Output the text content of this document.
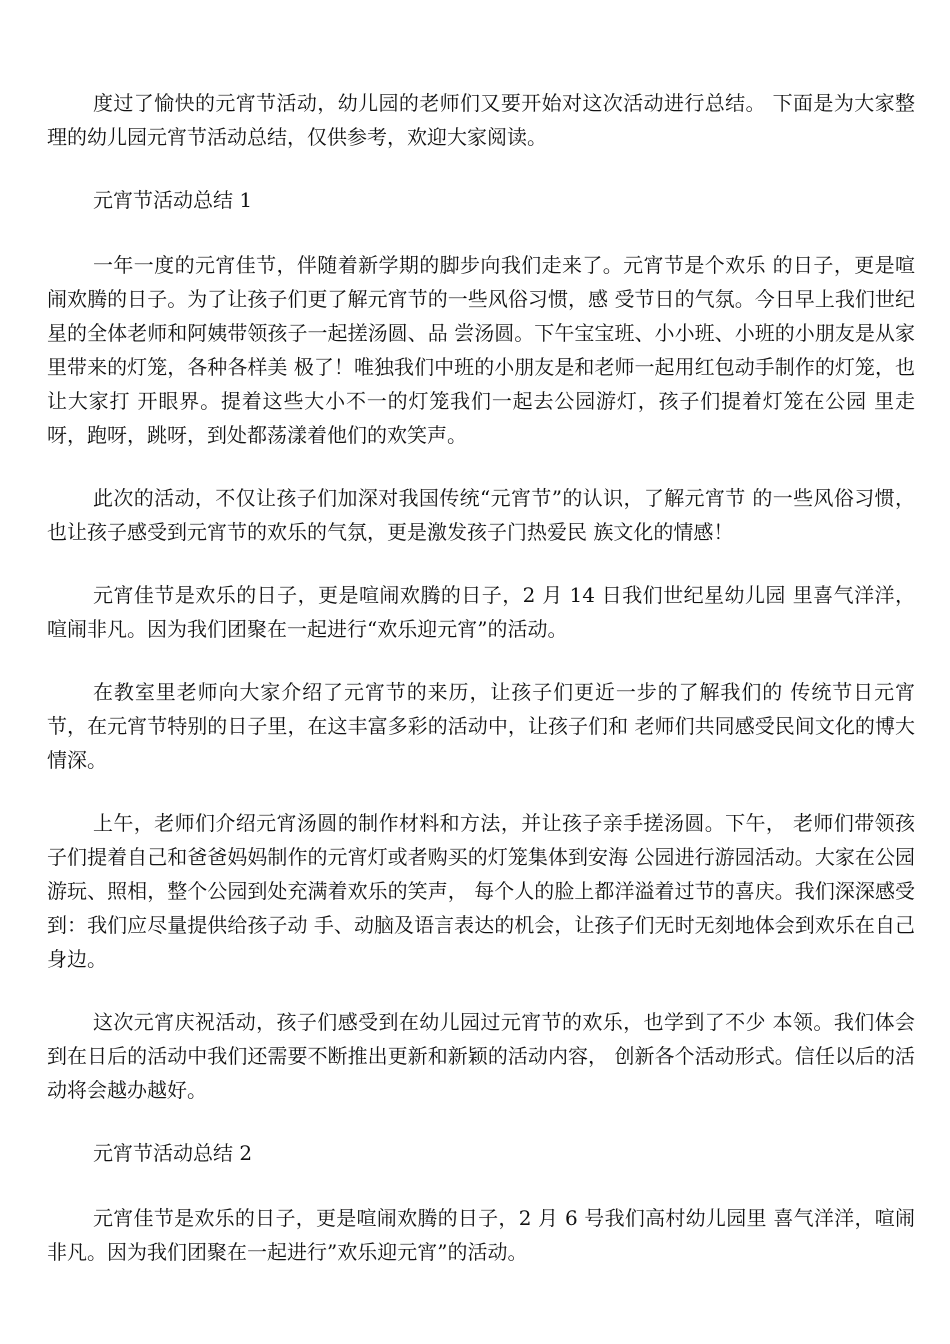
度过了愉快的元宵节活动，幼儿园的老师们又要开始对这次活动进行总结。 下面是为大家整理的幼儿园元宵节活动总结，仅供参考，欢迎大家阅读。

元宵节活动总结 1

一年一度的元宵佳节，伴随着新学期的脚步向我们走来了。元宵节是个欢乐 的日子，更是喧闹欢腾的日子。为了让孩子们更了解元宵节的一些风俗习惯，感 受节日的气氛。今日早上我们世纪星的全体老师和阿姨带领孩子一起搓汤圆、品 尝汤圆。下午宝宝班、小小班、小班的小朋友是从家里带来的灯笼，各种各样美 极了！唯独我们中班的小朋友是和老师一起用红包动手制作的灯笼，也让大家打 开眼界。提着这些大小不一的灯笼我们一起去公园游灯，孩子们提着灯笼在公园 里走呀，跑呀，跳呀，到处都荡漾着他们的欢笑声。

此次的活动，不仅让孩子们加深对我国传统“元宵节”的认识，了解元宵节 的一些风俗习惯，也让孩子感受到元宵节的欢乐的气氛，更是激发孩子门热爱民 族文化的情感！

元宵佳节是欢乐的日子，更是喧闹欢腾的日子，2 月 14 日我们世纪星幼儿园 里喜气洋洋，喧闹非凡。因为我们团聚在一起进行“欢乐迎元宵”的活动。

在教室里老师向大家介绍了元宵节的来历，让孩子们更近一步的了解我们的 传统节日元宵节，在元宵节特别的日子里，在这丰富多彩的活动中，让孩子们和 老师们共同感受民间文化的博大情深。

上午，老师们介绍元宵汤圆的制作材料和方法，并让孩子亲手搓汤圆。下午， 老师们带领孩子们提着自己和爸爸妈妈制作的元宵灯或者购买的灯笼集体到安海 公园进行游园活动。大家在公园游玩、照相，整个公园到处充满着欢乐的笑声， 每个人的脸上都洋溢着过节的喜庆。我们深深感受到：我们应尽量提供给孩子动 手、动脑及语言表达的机会，让孩子们无时无刻地体会到欢乐在自己身边。

这次元宵庆祝活动，孩子们感受到在幼儿园过元宵节的欢乐，也学到了不少 本领。我们体会到在日后的活动中我们还需要不断推出更新和新颖的活动内容， 创新各个活动形式。信任以后的活动将会越办越好。

元宵节活动总结 2

元宵佳节是欢乐的日子，更是喧闹欢腾的日子，2 月 6 号我们高村幼儿园里 喜气洋洋，喧闹非凡。因为我们团聚在一起进行”欢乐迎元宵”的活动。
